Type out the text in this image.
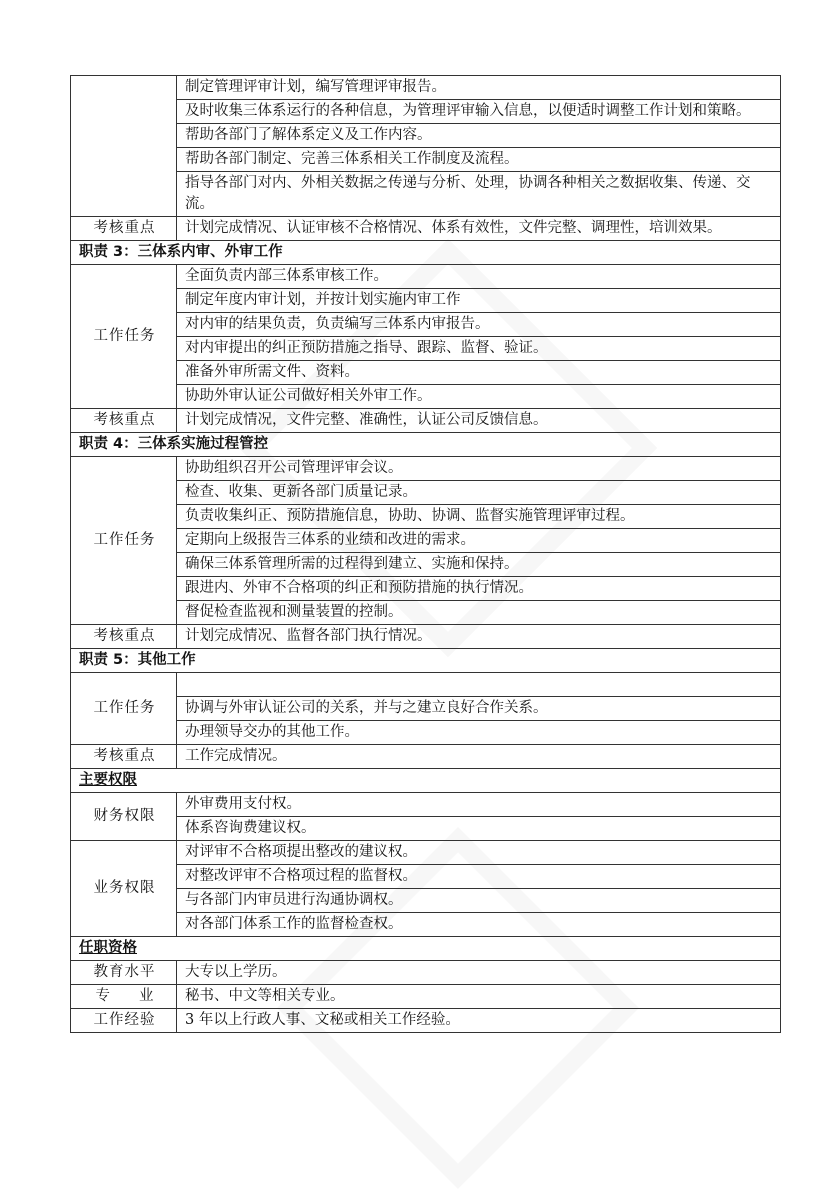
	制定管理评审计划，编写管理评审报告。
	及时收集三体系运行的各种信息，为管理评审输入信息，以便适时调整工作计划和策略。
	帮助各部门了解体系定义及工作内容。
	帮助各部门制定、完善三体系相关工作制度及流程。
	指导各部门对内、外相关数据之传递与分析、处理，协调各种相关之数据收集、传递、交流。
考核重点	计划完成情况、认证审核不合格情况、体系有效性，文件完整、调理性，培训效果。
职责 3：三体系内审、外审工作	
工作任务	全面负责内部三体系审核工作。
	制定年度内审计划，并按计划实施内审工作
	对内审的结果负责，负责编写三体系内审报告。
	对内审提出的纠正预防措施之指导、跟踪、监督、验证。
	准备外审所需文件、资料。
	协助外审认证公司做好相关外审工作。
考核重点	计划完成情况，文件完整、准确性，认证公司反馈信息。
职责 4：三体系实施过程管控	
工作任务	协助组织召开公司管理评审会议。
	检查、收集、更新各部门质量记录。
	负责收集纠正、预防措施信息，协助、协调、监督实施管理评审过程。
	定期向上级报告三体系的业绩和改进的需求。
	确保三体系管理所需的过程得到建立、实施和保持。
	跟进内、外审不合格项的纠正和预防措施的执行情况。
	督促检查监视和测量装置的控制。
考核重点	计划完成情况、监督各部门执行情况。
职责 5：其他工作	
工作任务	
	协调与外审认证公司的关系，并与之建立良好合作关系。
	办理领导交办的其他工作。
考核重点	工作完成情况。
主要权限	
财务权限	外审费用支付权。
	体系咨询费建议权。
业务权限	对评审不合格项提出整改的建议权。
	对整改评审不合格项过程的监督权。
	与各部门内审员进行沟通协调权。
	对各部门体系工作的监督检查权。
任职资格	
教育水平	大专以上学历。
专　　业	秘书、中文等相关专业。
工作经验	3 年以上行政人事、文秘或相关工作经验。
